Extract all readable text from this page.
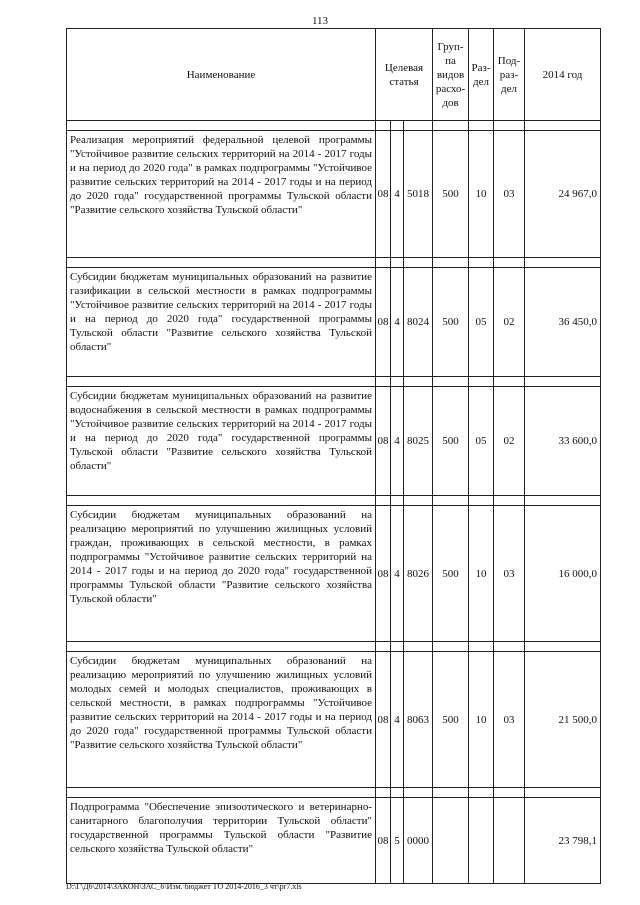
113
Наименование	Целевая статья			Груп- па видов расхо- дов	Раз- дел	Под- раз- дел	2014 год

Реализация мероприятий федеральной целевой программы "Устойчивое развитие сельских территорий на 2014 - 2017 годы и на период до 2020 года" в рамках подпрограммы "Устойчивое развитие сельских территорий на 2014 - 2017 годы и на период до 2020 года" государственной программы Тульской области "Развитие сельского хозяйства Тульской области"	08	4	5018	500	10	03	24 967,0

Субсидии бюджетам муниципальных образований на развитие газификации в сельской местности в рамках подпрограммы "Устойчивое развитие сельских территорий на 2014 - 2017 годы и на период до 2020 года" государственной программы Тульской области "Развитие сельского хозяйства Тульской области"	08	4	8024	500	05	02	36 450,0

Субсидии бюджетам муниципальных образований на развитие водоснабжения в сельской местности в рамках подпрограммы "Устойчивое развитие сельских территорий на 2014 - 2017 годы и на период до 2020 года" государственной программы Тульской области "Развитие сельского хозяйства Тульской области"	08	4	8025	500	05	02	33 600,0

Субсидии бюджетам муниципальных образований на реализацию мероприятий по улучшению жилищных условий граждан, проживающих в сельской местности, в рамках подпрограммы "Устойчивое развитие сельских территорий на 2014 - 2017 годы и на период до 2020 года" государственной программы Тульской области "Развитие сельского хозяйства Тульской области"	08	4	8026	500	10	03	16 000,0

Субсидии бюджетам муниципальных образований на реализацию мероприятий по улучшению жилищных условий молодых семей и молодых специалистов, проживающих в сельской местности, в рамках подпрограммы "Устойчивое развитие сельских территорий на 2014 - 2017 годы и на период до 2020 года" государственной программы Тульской области "Развитие сельского хозяйства Тульской области"	08	4	8063	500	10	03	21 500,0

Подпрограмма "Обеспечение эпизоотического и ветеринарно-санитарного благополучия территории Тульской области" государственной программы Тульской области "Развитие сельского хозяйства Тульской области"	08	5	0000				23 798,1
D:\Г\Д6\2014\ЗАКОН\ЗАС_6\Изм. бюджет ТО 2014-2016_3 чт\pr7.xls
